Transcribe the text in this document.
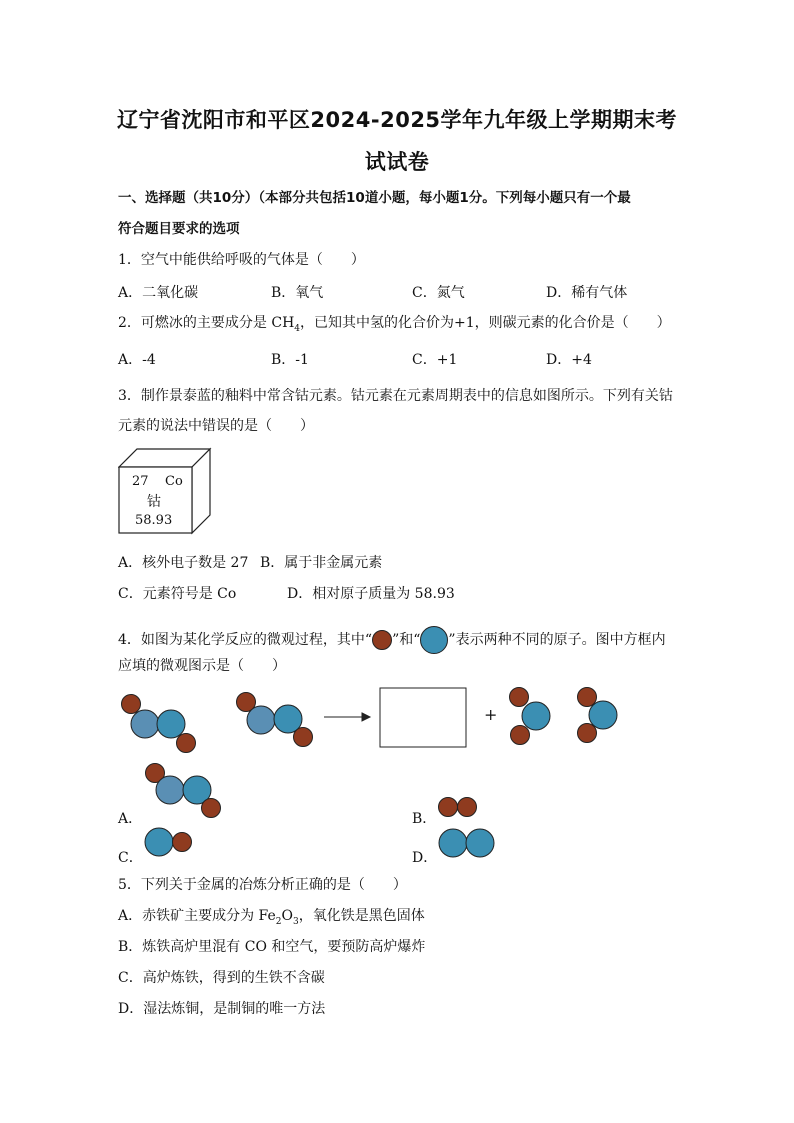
辽宁省沈阳市和平区2024-2025学年九年级上学期期末考
试试卷
一、选择题（共10分）（本部分共包括10道小题，每小题1分。下列每小题只有一个最
符合题目要求的选项
1．空气中能供给呼吸的气体是（　　）
A．二氧化碳	B．氧气	C．氮气	D．稀有气体
2．可燃冰的主要成分是 $CH_4$，已知其中氢的化合价为+1，则碳元素的化合价是（　　）
A．-4	B．-1	C．+1	D．+4
3．制作景泰蓝的釉料中常含钴元素。钴元素在元素周期表中的信息如图所示。下列有关钴
元素的说法中错误的是（　　）
27 Co
钴
58.93
A．核外电子数是 27 B．属于非金属元素
C．元素符号是 Co	D．相对原子质量为 58.93
4．如图为某化学反应的微观过程，其中“ ”和“ ”表示两种不同的原子。图中方框内
应填的微观图示是（　　）
+
A．	B．
C．	D．
5．下列关于金属的冶炼分析正确的是（　　）
A．赤铁矿主要成分为 $Fe_2O_3$，氧化铁是黑色固体
B．炼铁高炉里混有 CO 和空气，要预防高炉爆炸
C．高炉炼铁，得到的生铁不含碳
D．湿法炼铜，是制铜的唯一方法
